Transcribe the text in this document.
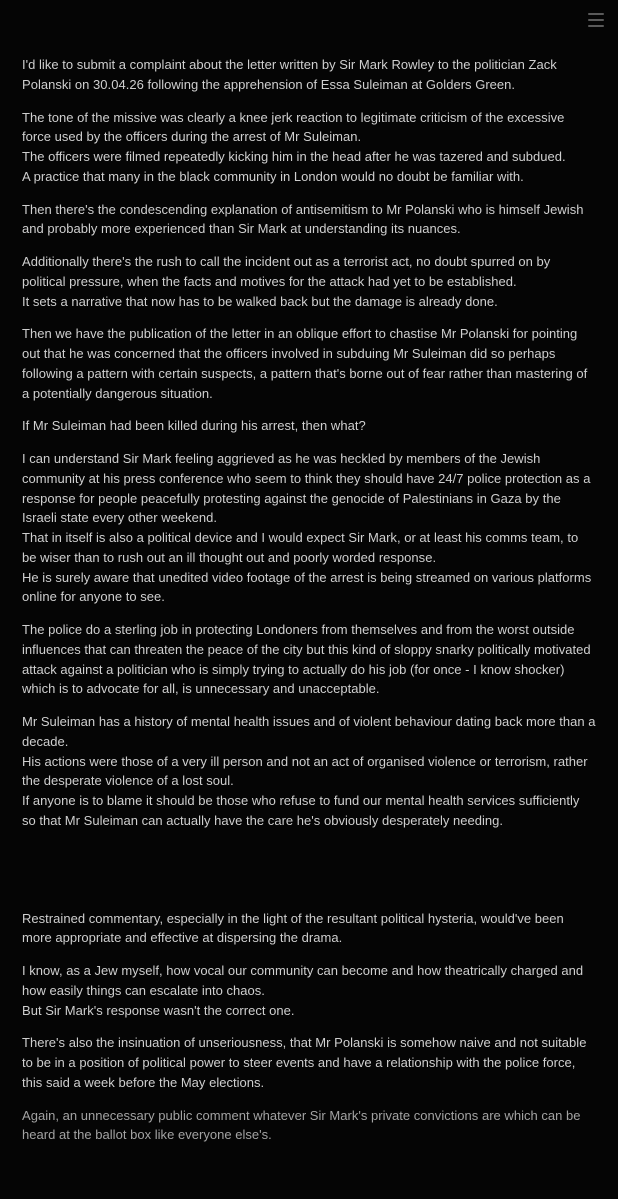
I'd like to submit a complaint about the letter written by Sir Mark Rowley to the politician Zack Polanski on 30.04.26 following the apprehension of Essa Suleiman at Golders Green.

The tone of the missive was clearly a knee jerk reaction to legitimate criticism of the excessive force used by the officers during the arrest of Mr Suleiman.

The officers were filmed repeatedly kicking him in the head after he was tazered and subdued.

A practice that many in the black community in London would no doubt be familiar with.

Then there's the condescending explanation of antisemitism to Mr Polanski who is himself Jewish and probably more experienced than Sir Mark at understanding its nuances.

Additionally there's the rush to call the incident out as a terrorist act, no doubt spurred on by political pressure, when the facts and motives for the attack had yet to be established.

It sets a narrative that now has to be walked back but the damage is already done.

Then we have the publication of the letter in an oblique effort to chastise Mr Polanski for pointing out that he was concerned that the officers involved in subduing Mr Suleiman did so perhaps following a pattern with certain suspects, a pattern that's borne out of fear rather than mastering of a potentially dangerous situation.

If Mr Suleiman had been killed during his arrest, then what?

I can understand Sir Mark feeling aggrieved as he was heckled by members of the Jewish community at his press conference who seem to think they should have 24/7 police protection as a response for people peacefully protesting against the genocide of Palestinians in Gaza by the Israeli state every other weekend.

That in itself is also a political device and I would expect Sir Mark, or at least his comms team, to be wiser than to rush out an ill thought out and poorly worded response.

He is surely aware that unedited video footage of the arrest is being streamed on various platforms online for anyone to see.

The police do a sterling job in protecting Londoners from themselves and from the worst outside influences that can threaten the peace of the city but this kind of sloppy snarky politically motivated attack against a politician who is simply trying to actually do his job (for once - I know shocker) which is to advocate for all, is unnecessary and unacceptable.

Mr Suleiman has a history of mental health issues and of violent behaviour dating back more than a decade.

His actions were those of a very ill person and not an act of organised violence or terrorism, rather the desperate violence of a lost soul.

If anyone is to blame it should be those who refuse to fund our mental health services sufficiently so that Mr Suleiman can actually have the care he's obviously desperately needing.

Restrained commentary, especially in the light of the resultant political hysteria, would've been more appropriate and effective at dispersing the drama.

I know, as a Jew myself, how vocal our community can become and how theatrically charged and how easily things can escalate into chaos.

But Sir Mark's response wasn't the correct one.

There's also the insinuation of unseriousness, that Mr Polanski is somehow naive and not suitable to be in a position of political power to steer events and have a relationship with the police force, this said a week before the May elections.

Again, an unnecessary public comment whatever Sir Mark's private convictions are which can be heard at the ballot box like everyone else's.
